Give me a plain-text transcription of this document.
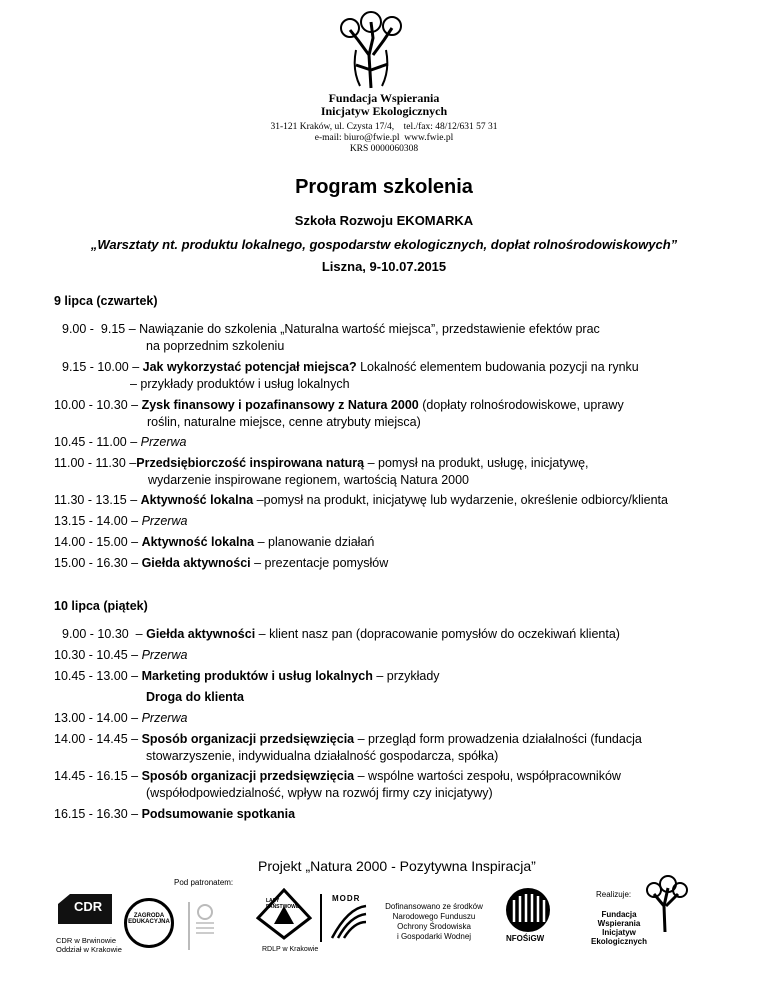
Fundacja Wspierania
Inicjatyw Ekologicznych
31-121 Kraków, ul. Czysta 17/4,    tel./fax: 48/12/631 57 31
e-mail: biuro@fwie.pl  www.fwie.pl
KRS 0000060308
Program szkolenia
Szkoła Rozwoju EKOMARKA
„Warsztaty nt. produktu lokalnego, gospodarstw ekologicznych, dopłat rolnośrodowiskowych”
Liszna, 9-10.07.2015
9 lipca (czwartek)
9.00 -  9.15 – Nawiązanie do szkolenia „Naturalna wartość miejsca”, przedstawienie efektów prac
na poprzednim szkoleniu
9.15 - 10.00 – Jak wykorzystać potencjał miejsca? Lokalność elementem budowania pozycji na rynku
– przykłady produktów i usług lokalnych
10.00 - 10.30 – Zysk finansowy i pozafinansowy z Natura 2000 (dopłaty rolnośrodowiskowe, uprawy
roślin, naturalne miejsce, cenne atrybuty miejsca)
10.45 - 11.00 – Przerwa
11.00 - 11.30 –Przedsiębiorczość inspirowana naturą – pomysł na produkt, usługę, inicjatywę,
wydarzenie inspirowane regionem, wartością Natura 2000
11.30 - 13.15 – Aktywność lokalna –pomysł na produkt, inicjatywę lub wydarzenie, określenie odbiorcy/klienta
13.15 - 14.00 – Przerwa
14.00 - 15.00 – Aktywność lokalna – planowanie działań
15.00 - 16.30 – Giełda aktywności – prezentacje pomysłów
10 lipca (piątek)
9.00 - 10.30  – Giełda aktywności – klient nasz pan (dopracowanie pomysłów do oczekiwań klienta)
10.30 - 10.45 – Przerwa
10.45 - 13.00 – Marketing produktów i usług lokalnych – przykłady
Droga do klienta
13.00 - 14.00 – Przerwa
14.00 - 14.45 – Sposób organizacji przedsięwzięcia – przegląd form prowadzenia działalności (fundacja
stowarzyszenie, indywidualna działalność gospodarcza, spółka)
14.45 - 16.15 – Sposób organizacji przedsięwzięcia – wspólne wartości zespołu, współpracowników
(współodpowiedzialność, wpływ na rozwój firmy czy inicjatywy)
16.15 - 16.30 – Podsumowanie spotkania
Projekt „Natura 2000 - Pozytywna Inspiracja”
Pod patronatem:
Realizuje:
CDR
CDR w Brwinowie
Oddział w Krakowie
ZAGRODA
EDUKACYJNA
LASY PAŃSTWOWE
RDLP w Krakowie
MODR
Dofinansowano ze środków
Narodowego Funduszu
Ochrony Środowiska
i Gospodarki Wodnej	NFOŚiGW
Fundacja
Wspierania
Inicjatyw
Ekologicznych
